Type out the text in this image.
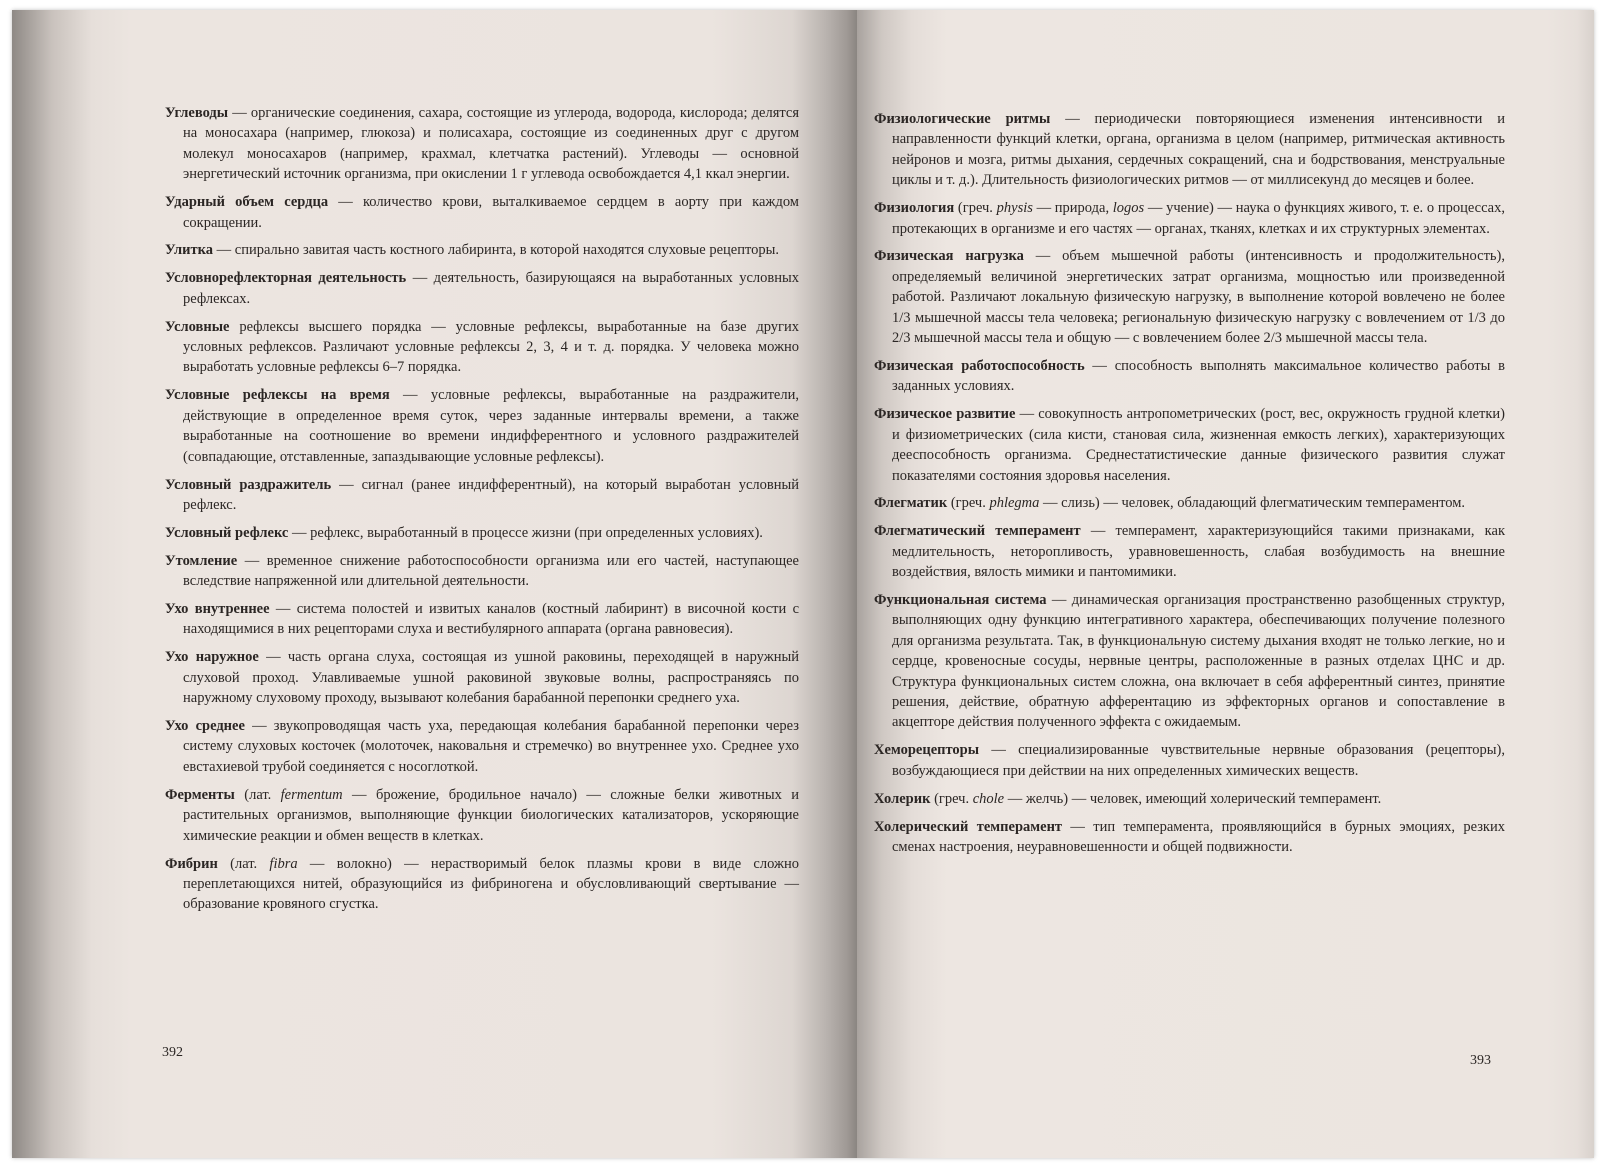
Углеводы — органические соединения, сахара, состоящие из углерода, водорода, кислорода; делятся на моносахара (например, глюкоза) и полисахара, состоящие из соединенных друг с другом молекул моносахаров (например, крахмал, клетчатка растений). Углеводы — основной энергетический источник организма, при окислении 1 г углевода освобождается 4,1 ккал энергии.

Ударный объем сердца — количество крови, выталкиваемое сердцем в аорту при каждом сокращении.

Улитка — спирально завитая часть костного лабиринта, в которой находятся слуховые рецепторы.

Условнорефлекторная деятельность — деятельность, базирующаяся на выработанных условных рефлексах.

Условные рефлексы высшего порядка — условные рефлексы, выработанные на базе других условных рефлексов. Различают условные рефлексы 2, 3, 4 и т. д. порядка. У человека можно выработать условные рефлексы 6–7 порядка.

Условные рефлексы на время — условные рефлексы, выработанные на раздражители, действующие в определенное время суток, через заданные интервалы времени, а также выработанные на соотношение во времени индифферентного и условного раздражителей (совпадающие, отставленные, запаздывающие условные рефлексы).

Условный раздражитель — сигнал (ранее индифферентный), на который выработан условный рефлекс.

Условный рефлекс — рефлекс, выработанный в процессе жизни (при определенных условиях).

Утомление — временное снижение работоспособности организма или его частей, наступающее вследствие напряженной или длительной деятельности.

Ухо внутреннее — система полостей и извитых каналов (костный лабиринт) в височной кости с находящимися в них рецепторами слуха и вестибулярного аппарата (органа равновесия).

Ухо наружное — часть органа слуха, состоящая из ушной раковины, переходящей в наружный слуховой проход. Улавливаемые ушной раковиной звуковые волны, распространяясь по наружному слуховому проходу, вызывают колебания барабанной перепонки среднего уха.

Ухо среднее — звукопроводящая часть уха, передающая колебания барабанной перепонки через систему слуховых косточек (молоточек, наковальня и стремечко) во внутреннее ухо. Среднее ухо евстахиевой трубой соединяется с носоглоткой.

Ферменты (лат. fermentum — брожение, бродильное начало) — сложные белки животных и растительных организмов, выполняющие функции биологических катализаторов, ускоряющие химические реакции и обмен веществ в клетках.

Фибрин (лат. fibra — волокно) — нерастворимый белок плазмы крови в виде сложно переплетающихся нитей, образующийся из фибриногена и обусловливающий свертывание — образование кровяного сгустка.

392

Физиологические ритмы — периодически повторяющиеся изменения интенсивности и направленности функций клетки, органа, организма в целом (например, ритмическая активность нейронов и мозга, ритмы дыхания, сердечных сокращений, сна и бодрствования, менструальные циклы и т. д.). Длительность физиологических ритмов — от миллисекунд до месяцев и более.

Физиология (греч. physis — природа, logos — учение) — наука о функциях живого, т. е. о процессах, протекающих в организме и его частях — органах, тканях, клетках и их структурных элементах.

Физическая нагрузка — объем мышечной работы (интенсивность и продолжительность), определяемый величиной энергетических затрат организма, мощностью или произведенной работой. Различают локальную физическую нагрузку, в выполнение которой вовлечено не более 1/3 мышечной массы тела человека; региональную физическую нагрузку с вовлечением от 1/3 до 2/3 мышечной массы тела и общую — с вовлечением более 2/3 мышечной массы тела.

Физическая работоспособность — способность выполнять максимальное количество работы в заданных условиях.

Физическое развитие — совокупность антропометрических (рост, вес, окружность грудной клетки) и физиометрических (сила кисти, становая сила, жизненная емкость легких), характеризующих дееспособность организма. Среднестатистические данные физического развития служат показателями состояния здоровья населения.

Флегматик (греч. phlegma — слизь) — человек, обладающий флегматическим темпераментом.

Флегматический темперамент — темперамент, характеризующийся такими признаками, как медлительность, неторопливость, уравновешенность, слабая возбудимость на внешние воздействия, вялость мимики и пантомимики.

Функциональная система — динамическая организация пространственно разобщенных структур, выполняющих одну функцию интегративного характера, обеспечивающих получение полезного для организма результата. Так, в функциональную систему дыхания входят не только легкие, но и сердце, кровеносные сосуды, нервные центры, расположенные в разных отделах ЦНС и др. Структура функциональных систем сложна, она включает в себя афферентный синтез, принятие решения, действие, обратную афферентацию из эффекторных органов и сопоставление в акцепторе действия полученного эффекта с ожидаемым.

Хеморецепторы — специализированные чувствительные нервные образования (рецепторы), возбуждающиеся при действии на них определенных химических веществ.

Холерик (греч. chole — желчь) — человек, имеющий холерический темперамент.

Холерический темперамент — тип темперамента, проявляющийся в бурных эмоциях, резких сменах настроения, неуравновешенности и общей подвижности.

393
